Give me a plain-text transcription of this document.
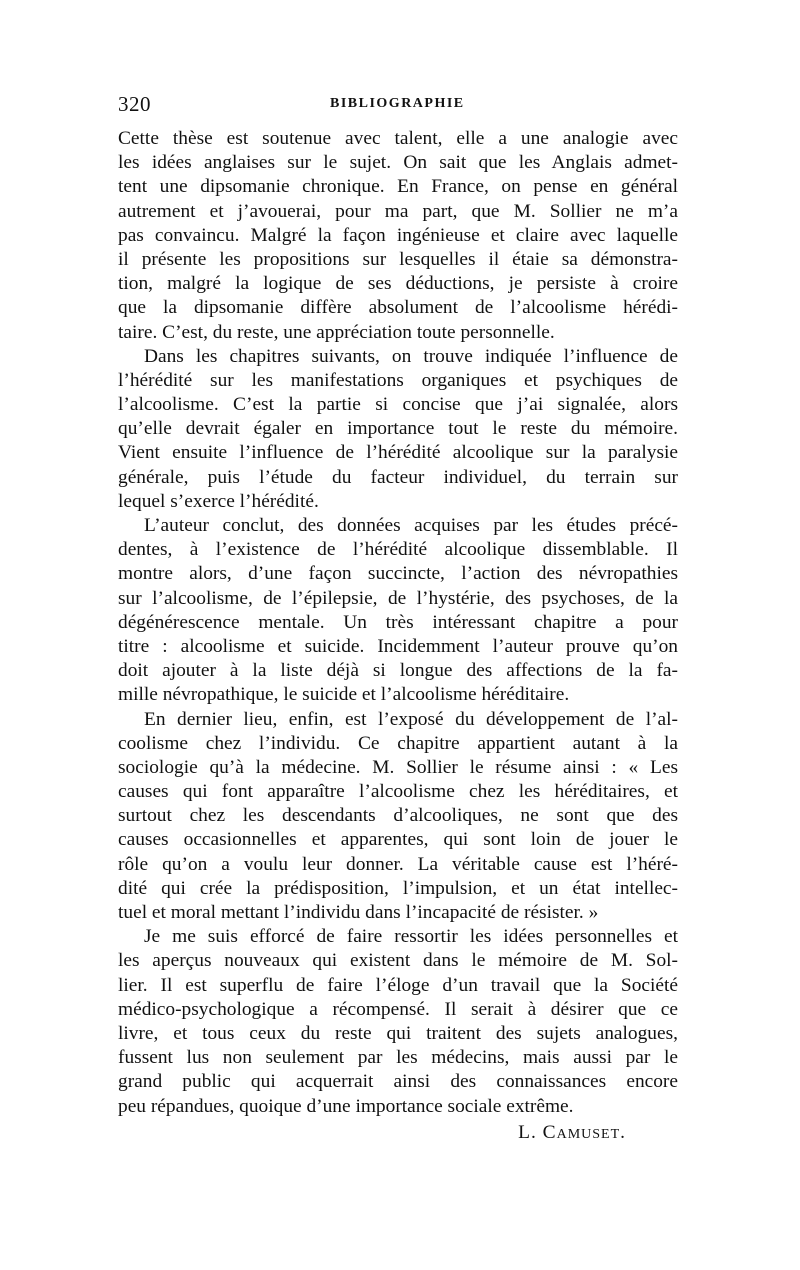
320	BIBLIOGRAPHIE
Cette thèse est soutenue avec talent, elle a une analogie avec
les idées anglaises sur le sujet. On sait que les Anglais admet-
tent une dipsomanie chronique. En France, on pense en général
autrement et j’avouerai, pour ma part, que M. Sollier ne m’a
pas convaincu. Malgré la façon ingénieuse et claire avec laquelle
il présente les propositions sur lesquelles il étaie sa démonstra-
tion, malgré la logique de ses déductions, je persiste à croire
que la dipsomanie diffère absolument de l’alcoolisme hérédi-
taire. C’est, du reste, une appréciation toute personnelle.
Dans les chapitres suivants, on trouve indiquée l’influence de
l’hérédité sur les manifestations organiques et psychiques de
l’alcoolisme. C’est la partie si concise que j’ai signalée, alors
qu’elle devrait égaler en importance tout le reste du mémoire.
Vient ensuite l’influence de l’hérédité alcoolique sur la paralysie
générale, puis l’étude du facteur individuel, du terrain sur
lequel s’exerce l’hérédité.
L’auteur conclut, des données acquises par les études précé-
dentes, à l’existence de l’hérédité alcoolique dissemblable. Il
montre alors, d’une façon succincte, l’action des névropathies
sur l’alcoolisme, de l’épilepsie, de l’hystérie, des psychoses, de la
dégénérescence mentale. Un très intéressant chapitre a pour
titre : alcoolisme et suicide. Incidemment l’auteur prouve qu’on
doit ajouter à la liste déjà si longue des affections de la fa-
mille névropathique, le suicide et l’alcoolisme héréditaire.
En dernier lieu, enfin, est l’exposé du développement de l’al-
coolisme chez l’individu. Ce chapitre appartient autant à la
sociologie qu’à la médecine. M. Sollier le résume ainsi : « Les
causes qui font apparaître l’alcoolisme chez les héréditaires, et
surtout chez les descendants d’alcooliques, ne sont que des
causes occasionnelles et apparentes, qui sont loin de jouer le
rôle qu’on a voulu leur donner. La véritable cause est l’héré-
dité qui crée la prédisposition, l’impulsion, et un état intellec-
tuel et moral mettant l’individu dans l’incapacité de résister. »
Je me suis efforcé de faire ressortir les idées personnelles et
les aperçus nouveaux qui existent dans le mémoire de M. Sol-
lier. Il est superflu de faire l’éloge d’un travail que la Société
médico-psychologique a récompensé. Il serait à désirer que ce
livre, et tous ceux du reste qui traitent des sujets analogues,
fussent lus non seulement par les médecins, mais aussi par le
grand public qui acquerrait ainsi des connaissances encore
peu répandues, quoique d’une importance sociale extrême.
L. Camuset.
